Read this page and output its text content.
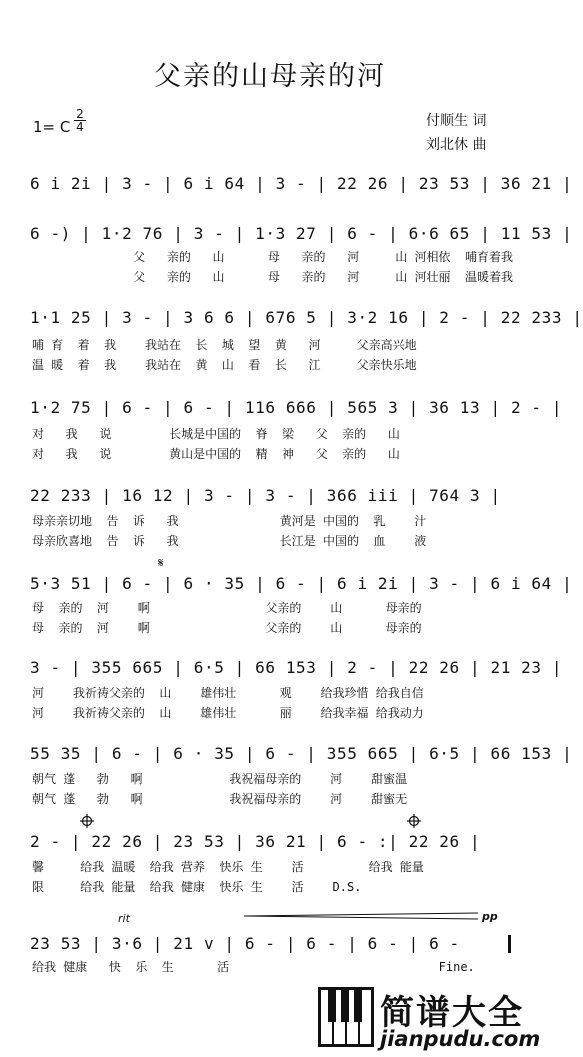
父亲的山母亲的河
1= C
2
4	付顺生 词
刘北休 曲
6 i 2i | 3 - | 6 i 64 | 3 - | 22 26 | 23 53 | 36 21 |
6 -) | 1·2 76 | 3 - | 1·3 27 | 6 - | 6·6 65 | 11 53 |
父   亲的   山      母   亲的   河     山 河相依  哺育着我
父   亲的   山      母   亲的   河     山 河壮丽  温暖着我
1·1 25 | 3 - | 3 6 6 | 676 5 | 3·2 16 | 2 - | 22 233 |
哺 育  着  我    我站在  长  城  望  黄   河     父亲高兴地
温 暖  着  我    我站在  黄  山  看  长   江     父亲快乐地
1·2 75 | 6 - | 6 - | 116 666 | 565 3 | 36 13 | 2 - |
对   我   说        长城是中国的  脊  梁   父  亲的   山
对   我   说        黄山是中国的  精  神   父  亲的   山
22 233 | 16 12 | 3 - | 3 - | 366 iii | 764 3 |
母亲亲切地  告  诉   我              黄河是 中国的  乳    汁
母亲欣喜地  告  诉   我              长江是 中国的  血    液
𝄋
5·3 51 | 6 - | 6 · 35 | 6 - | 6 i 2i | 3 - | 6 i 64 |
母  亲的  河    啊                父亲的    山      母亲的
母  亲的  河    啊                父亲的    山      母亲的
3 - | 355 665 | 6·5 | 66 153 | 2 - | 22 26 | 21 23 |
河    我祈祷父亲的  山    雄伟壮      观    给我珍惜 给我自信
河    我祈祷父亲的  山    雄伟壮      丽    给我幸福 给我动力
55 35 | 6 - | 6 · 35 | 6 - | 355 665 | 6·5 | 66 153 |
朝气 蓬   勃   啊            我祝福母亲的    河    甜蜜温
朝气 蓬   勃   啊            我祝福母亲的    河    甜蜜无
2 - | 22 26 | 23 53 | 36 21 | 6 - :| 22 26 |
馨     给我 温暖  给我 营养  快乐 生    活         给我 能量
限     给我 能量  给我 健康  快乐 生    活    D.S.
rit	pp
23 53 | 3·6 | 21 v | 6 - | 6 - | 6 - | 6 -
给我 健康   快  乐  生      活                             Fine.
简谱大全
jianpudu.com
